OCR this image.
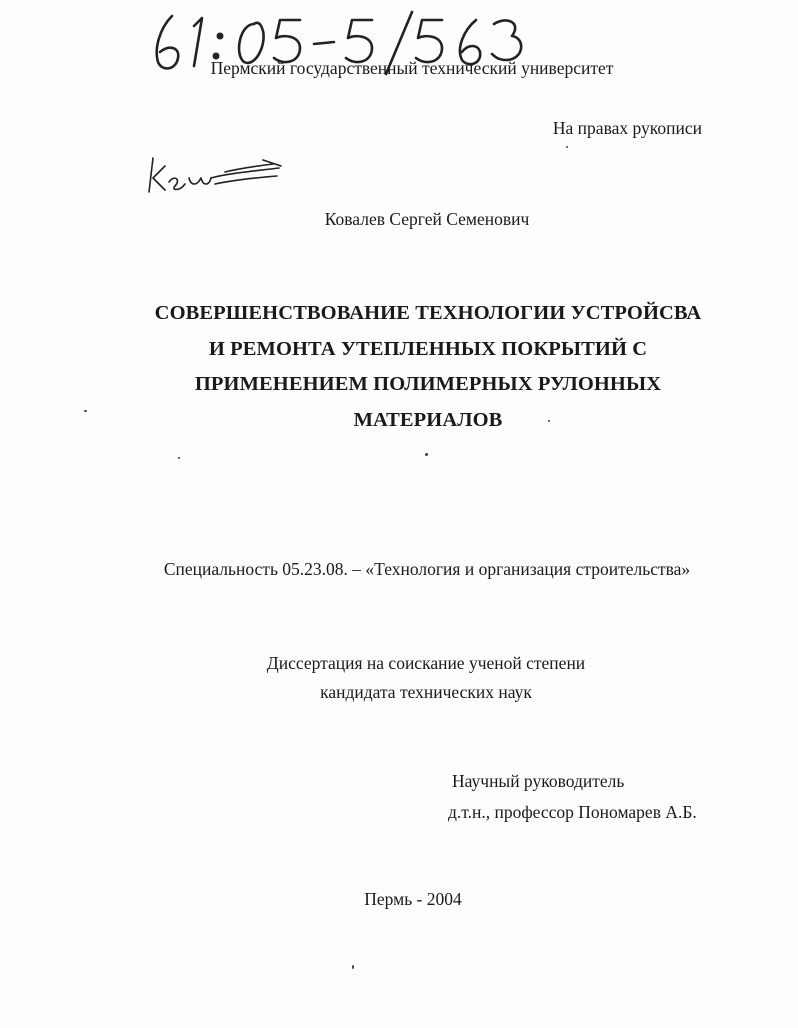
Пермский государственный технический университет
На правах рукописи
Ковалев Сергей Семенович
СОВЕРШЕНСТВОВАНИЕ ТЕХНОЛОГИИ УСТРОЙСВА
И РЕМОНТА УТЕПЛЕННЫХ ПОКРЫТИЙ С
ПРИМЕНЕНИЕМ ПОЛИМЕРНЫХ РУЛОННЫХ
МАТЕРИАЛОВ
Специальность 05.23.08. – «Технология и организация строительства»
Диссертация на соискание ученой степени
кандидата технических наук
Научный руководитель
д.т.н., профессор Пономарев А.Б.
Пермь - 2004
